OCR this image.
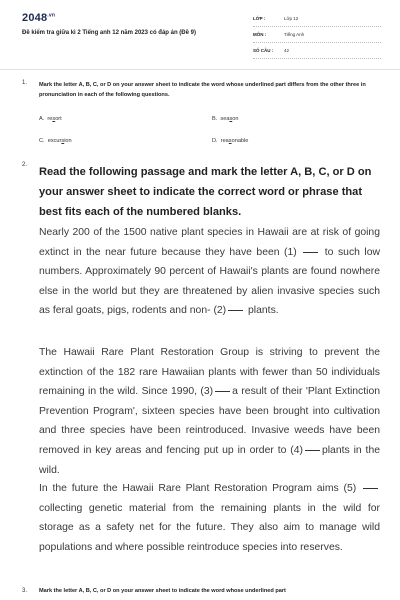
$2048^{.vn}$
Đề kiểm tra giữa kì 2 Tiếng anh 12 năm 2023 có đáp án (Đề 9)
LỚP :	Lớp 12
MÔN :	Tiếng Anh
SỐ CÂU : 42
1. Mark the letter A, B, C, or D on your answer sheet to indicate the word whose underlined part differs from the other three in pronunciation in each of the following questions.
A. resort	B. season
C. excursion	D. reasonable
2.
Read the following passage and mark the letter A, B, C, or D on your answer sheet to indicate the correct word or phrase that best fits each of the numbered blanks.
Nearly 200 of the 1500 native plant species in Hawaii are at risk of going extinct in the near future because they have been (1)	to such low numbers. Approximately 90 percent of Hawaii's plants are found nowhere else in the world but they are threatened by alien invasive species such as feral goats, pigs, rodents and non- (2) plants.
The Hawaii Rare Plant Restoration Group is striving to prevent the extinction of the 182 rare Hawaiian plants with fewer than 50 individuals remaining in the wild. Since 1990, (3) a result of their 'Plant Extinction Prevention Program', sixteen species have been brought into cultivation and three species have been reintroduced. Invasive weeds have been removed in key areas and fencing put up in order to (4) plants in the wild.
In the future the Hawaii Rare Plant Restoration Program aims (5)  collecting genetic material from the remaining plants in the wild for storage as a safety net for the future. They also aim to manage wild populations and where possible reintroduce species into reserves.
3. Mark the letter A, B, C, or D on your answer sheet to indicate the word whose underlined part
